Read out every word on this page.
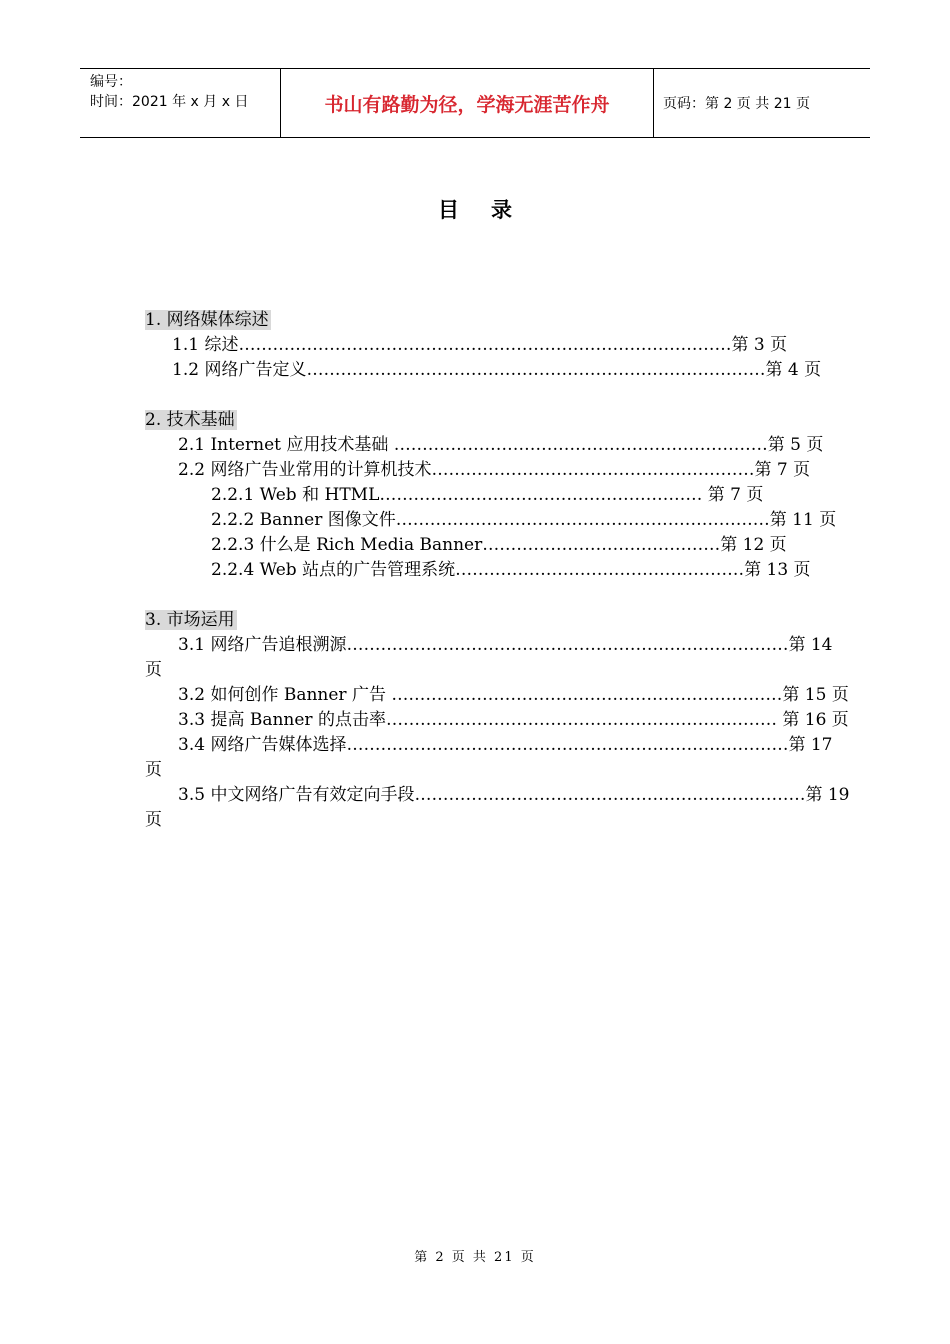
编号：
时间：2021 年 x 月 x 日	书山有路勤为径，学海无涯苦作舟	页码：第 2 页 共 21 页
目录
1. 网络媒体综述
1.1 综述……………………………………………………………………………第 3 页
1.2 网络广告定义………………………………………………………………………第 4 页
2. 技术基础
2.1 Internet 应用技术基础 …………………………………………………………第 5 页
2.2 网络广告业常用的计算机技术…………………………………………………第 7 页
2.2.1 Web 和 HTML………………………………………………… 第 7 页
2.2.2 Banner 图像文件…………………………………………………………第 11 页
2.2.3 什么是 Rich Media Banner……………………………………第 12 页
2.2.4 Web 站点的广告管理系统……………………………………………第 13 页
3. 市场运用
3.1 网络广告追根溯源……………………………………………………………………第 14
页
3.2 如何创作 Banner 广告 ……………………………………………………………第 15 页
3.3 提高 Banner 的点击率…………………………………………………………… 第 16 页
3.4 网络广告媒体选择……………………………………………………………………第 17
页
3.5 中文网络广告有效定向手段……………………………………………………………第 19
页
第 2 页 共 21 页
